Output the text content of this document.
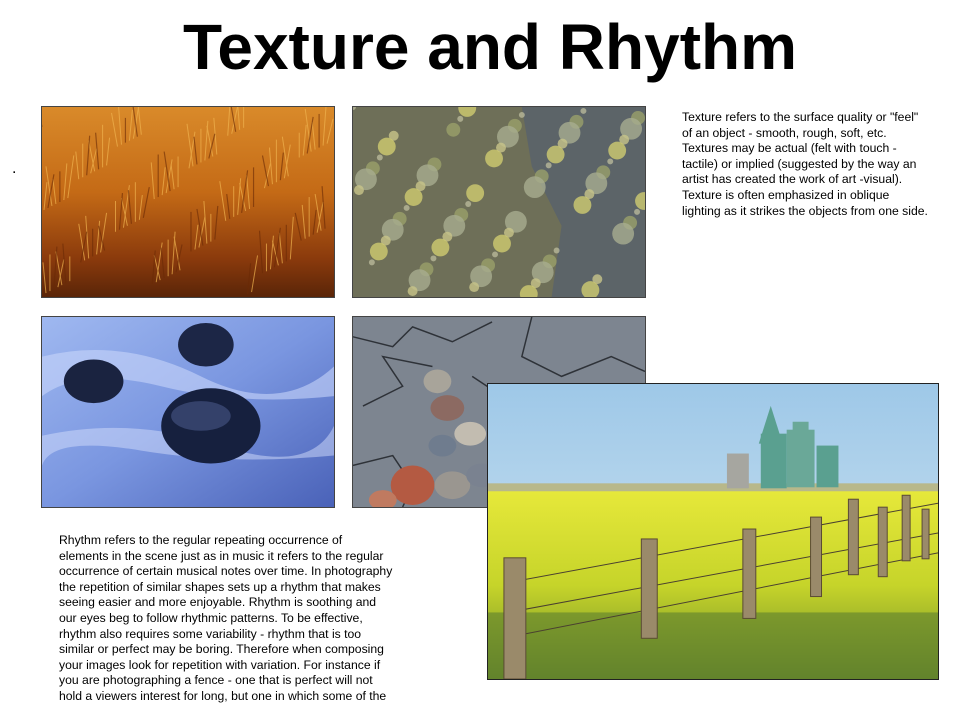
Texture and Rhythm
.
Texture refers to the surface quality or "feel" of an object - smooth, rough, soft, etc. Textures may be actual (felt with touch - tactile) or implied (suggested by the way an artist has created the work of art -visual). Texture is often emphasized in oblique lighting as it strikes the objects from one side.
Rhythm refers to the regular repeating occurrence of elements in the scene just as in music it refers to the regular occurrence of certain musical notes over time. In photography the repetition of similar shapes sets up a rhythm that makes seeing easier and more enjoyable. Rhythm is soothing and our eyes beg to follow rhythmic patterns. To be effective, rhythm also requires some variability - rhythm that is too similar or perfect may be boring. Therefore when composing your images look for repetition with variation. For instance if you are photographing a fence - one that is perfect will not hold a viewers interest for long, but one in which some of the
